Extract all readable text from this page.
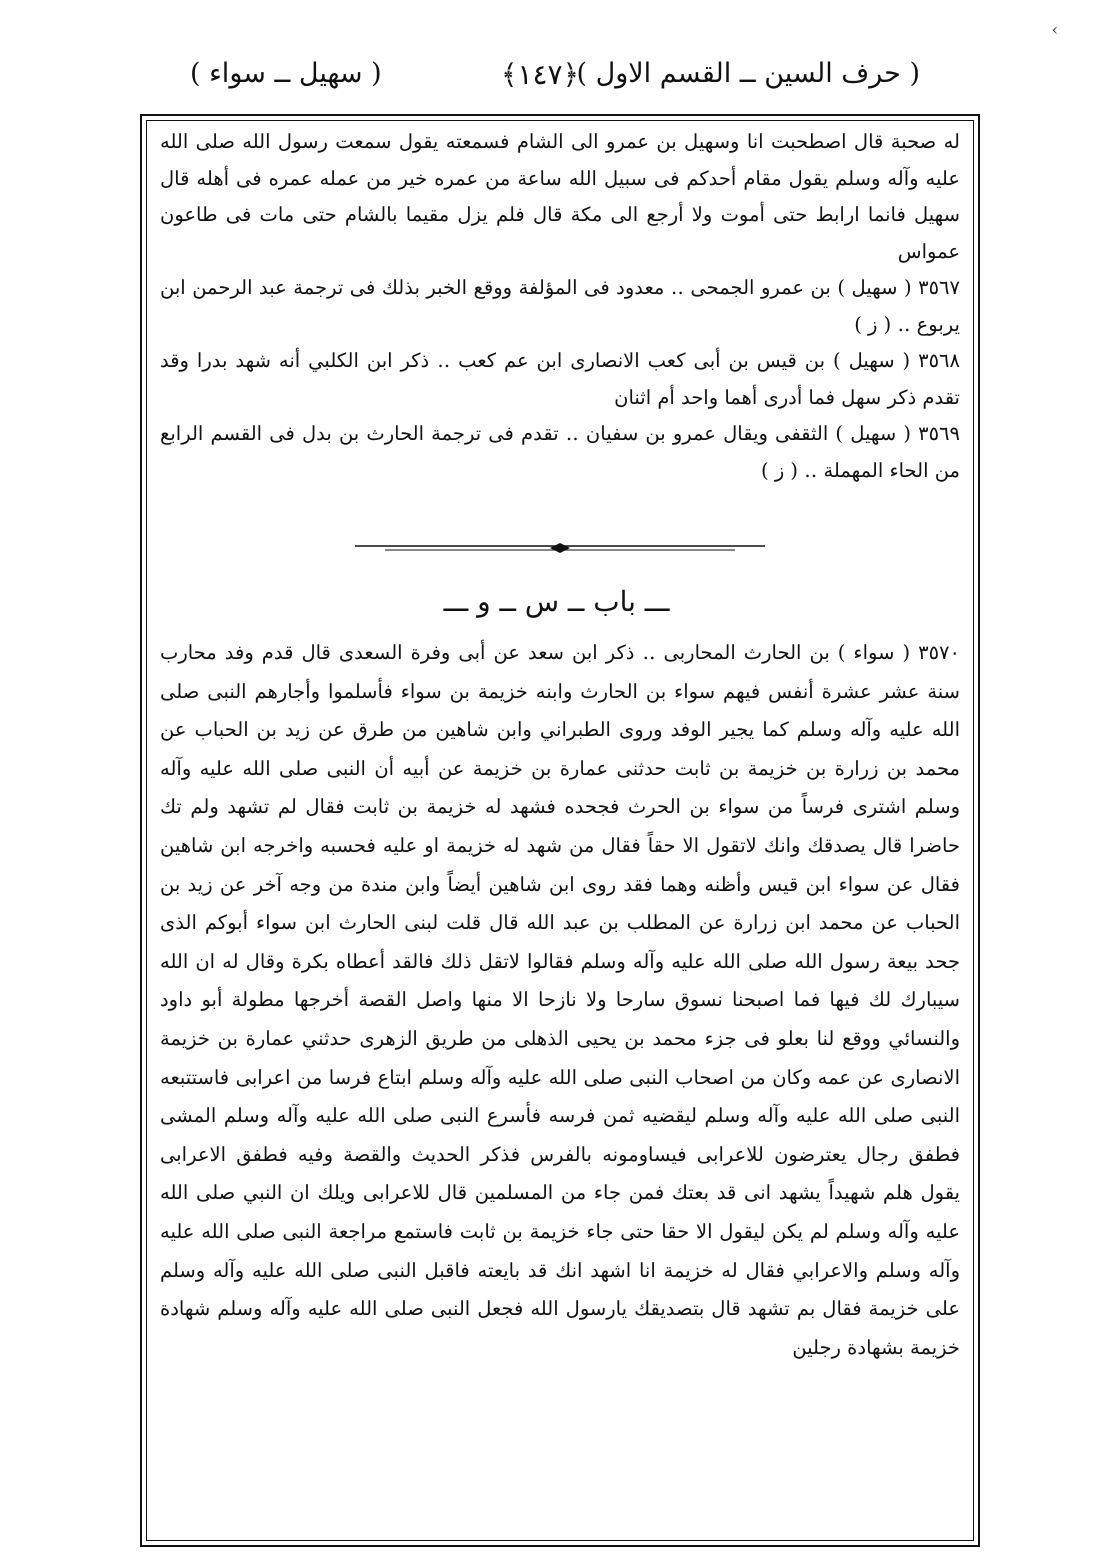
‹
( حرف السين ــ القسم الاول )
﴿١٤٧﴾
( سهيل ــ سواء )

له صحبة قال اصطحبت انا وسهيل بن عمرو الى الشام فسمعته يقول سمعت رسول الله صلى الله عليه وآله وسلم يقول مقام أحدكم فى سبيل الله ساعة من عمره خير من عمله عمره فى أهله قال سهيل فانما ارابط حتى أموت ولا أرجع الى مكة قال فلم يزل مقيما بالشام حتى مات فى طاعون عمواس

٣٥٦٧ ( سهيل ) بن عمرو الجمحى ‥ معدود فى المؤلفة ووقع الخبر بذلك فى ترجمة عبد الرحمن ابن يربوع ‥ ( ز )

٣٥٦٨ ( سهيل ) بن قيس بن أبى كعب الانصارى ابن عم كعب ‥ ذكر ابن الكلبي أنه شهد بدرا وقد تقدم ذكر سهل فما أدرى أهما واحد أم اثنان

٣٥٦٩ ( سهيل ) الثقفى ويقال عمرو بن سفيان ‥ تقدم فى ترجمة الحارث بن بدل فى القسم الرابع من الحاء المهملة ‥ ( ز )

ـــ باب ــ س ــ و ـــ

٣٥٧٠ ( سواء ) بن الحارث المحاربى ‥ ذكر ابن سعد عن أبى وفرة السعدى قال قدم وفد محارب سنة عشر عشرة أنفس فيهم سواء بن الحارث وابنه خزيمة بن سواء فأسلموا وأجارهم النبى صلى الله عليه وآله وسلم كما يجير الوفد وروى الطبراني وابن شاهين من طرق عن زيد بن الحباب عن محمد بن زرارة بن خزيمة بن ثابت حدثنى عمارة بن خزيمة عن أبيه أن النبى صلى الله عليه وآله وسلم اشترى فرساً من سواء بن الحرث فجحده فشهد له خزيمة بن ثابت فقال لم تشهد ولم تك حاضرا قال يصدقك وانك لاتقول الا حقاً فقال من شهد له خزيمة او عليه فحسبه واخرجه ابن شاهين فقال عن سواء ابن قيس وأظنه وهما فقد روى ابن شاهين أيضاً وابن مندة من وجه آخر عن زيد بن الحباب عن محمد ابن زرارة عن المطلب بن عبد الله قال قلت لبنى الحارث ابن سواء أبوكم الذى جحد بيعة رسول الله صلى الله عليه وآله وسلم فقالوا لاتقل ذلك فالقد أعطاه بكرة وقال له ان الله سيبارك لك فيها فما اصبحنا نسوق سارحا ولا نازحا الا منها واصل القصة أخرجها مطولة أبو داود والنسائي ووقع لنا بعلو فى جزء محمد بن يحيى الذهلى من طريق الزهرى حدثني عمارة بن خزيمة الانصارى عن عمه وكان من اصحاب النبى صلى الله عليه وآله وسلم ابتاع فرسا من اعرابى فاستتبعه النبى صلى الله عليه وآله وسلم ليقضيه ثمن فرسه فأسرع النبى صلى الله عليه وآله وسلم المشى فطفق رجال يعترضون للاعرابى فيساومونه بالفرس فذكر الحديث والقصة وفيه فطفق الاعرابى يقول هلم شهيداً يشهد انى قد بعتك فمن جاء من المسلمين قال للاعرابى ويلك ان النبي صلى الله عليه وآله وسلم لم يكن ليقول الا حقا حتى جاء خزيمة بن ثابت فاستمع مراجعة النبى صلى الله عليه وآله وسلم والاعرابي فقال له خزيمة انا اشهد انك قد بايعته فاقبل النبى صلى الله عليه وآله وسلم على خزيمة فقال بم تشهد قال بتصديقك يارسول الله فجعل النبى صلى الله عليه وآله وسلم شهادة خزيمة بشهادة رجلين
